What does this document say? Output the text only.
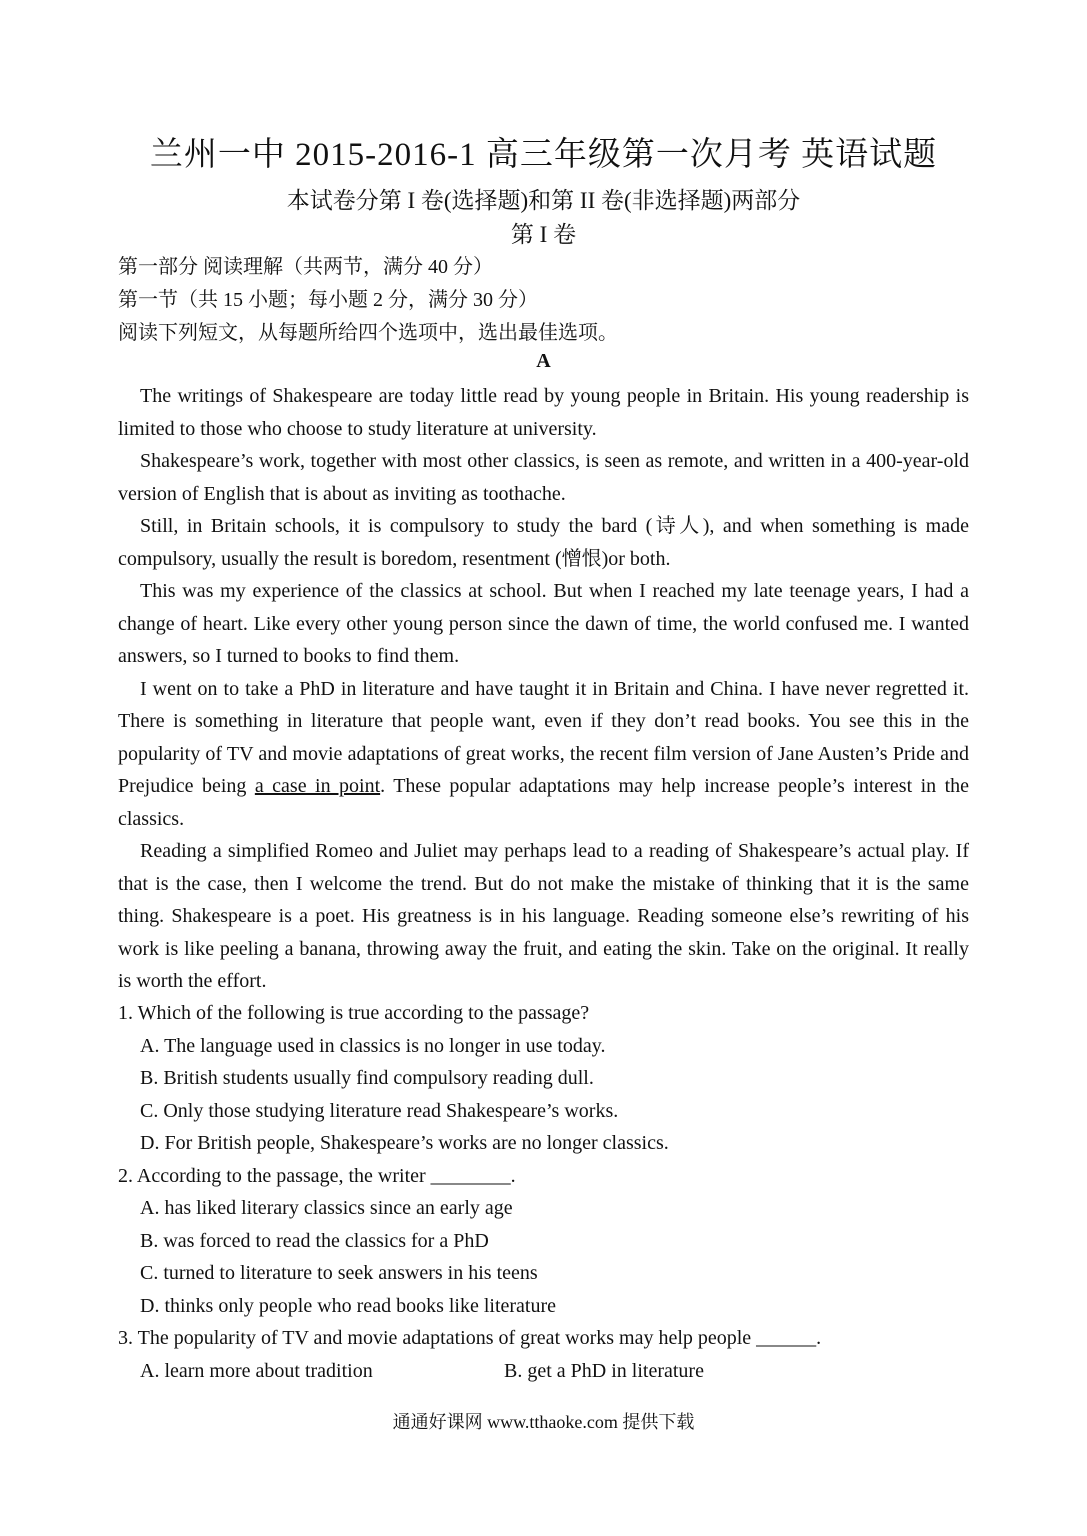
兰州一中 2015-2016-1 高三年级第一次月考 英语试题
本试卷分第 I 卷(选择题)和第 II 卷(非选择题)两部分
第 I 卷
第一部分 阅读理解（共两节，满分 40 分）
第一节（共 15 小题；每小题 2 分，满分 30 分）
阅读下列短文，从每题所给四个选项中，选出最佳选项。
A

The writings of Shakespeare are today little read by young people in Britain. His young readership is limited to those who choose to study literature at university.

Shakespeare’s work, together with most other classics, is seen as remote, and written in a 400-year-old version of English that is about as inviting as toothache.

Still, in Britain schools, it is compulsory to study the bard (诗人), and when something is made compulsory, usually the result is boredom, resentment (憎恨)or both.

This was my experience of the classics at school. But when I reached my late teenage years, I had a change of heart. Like every other young person since the dawn of time, the world confused me. I wanted answers, so I turned to books to find them.

I went on to take a PhD in literature and have taught it in Britain and China. I have never regretted it. There is something in literature that people want, even if they don’t read books. You see this in the popularity of TV and movie adaptations of great works, the recent film version of Jane Austen’s Pride and Prejudice being a case in point. These popular adaptations may help increase people’s interest in the classics.

Reading a simplified Romeo and Juliet may perhaps lead to a reading of Shakespeare’s actual play. If that is the case, then I welcome the trend. But do not make the mistake of thinking that it is the same thing. Shakespeare is a poet. His greatness is in his language. Reading someone else’s rewriting of his work is like peeling a banana, throwing away the fruit, and eating the skin. Take on the original. It really is worth the effort.

1. Which of the following is true according to the passage?

A. The language used in classics is no longer in use today.

B. British students usually find compulsory reading dull.

C. Only those studying literature read Shakespeare’s works.

D. For British people, Shakespeare’s works are no longer classics.

2. According to the passage, the writer ________.

A. has liked literary classics since an early age

B. was forced to read the classics for a PhD

C. turned to literature to seek answers in his teens

D. thinks only people who read books like literature

3. The popularity of TV and movie adaptations of great works may help people ______.

A. learn more about tradition	B. get a PhD in literature

通通好课网 www.tthaoke.com 提供下载
